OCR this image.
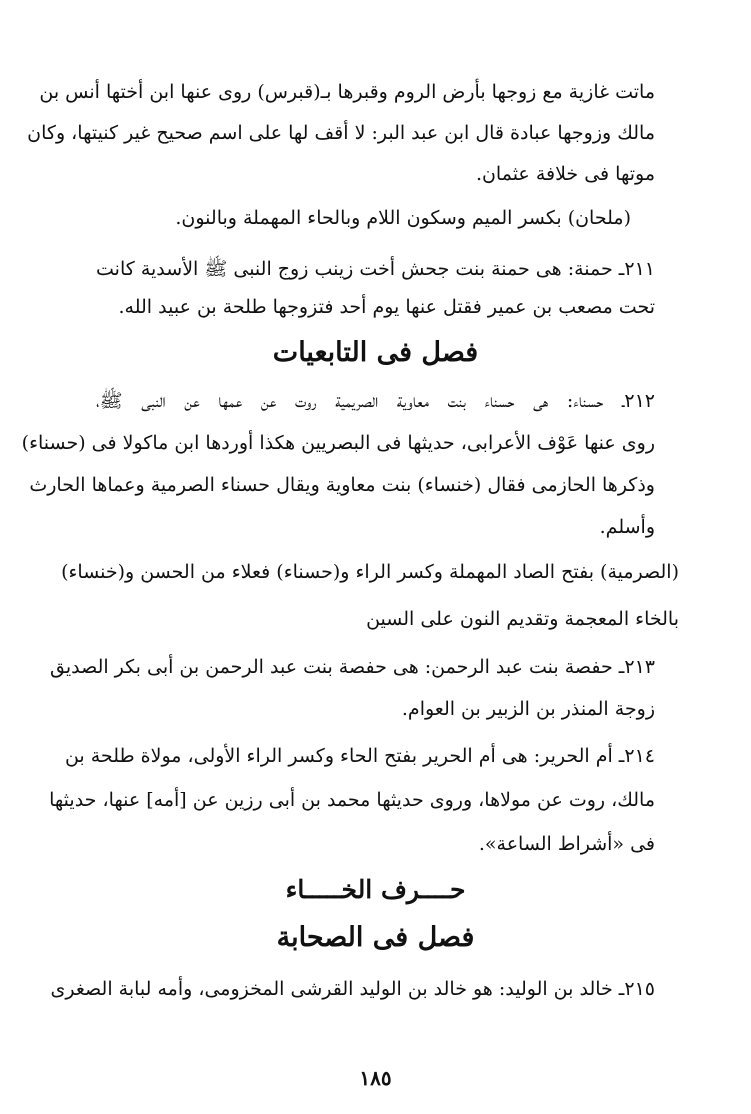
ماتت غازية مع زوجها بأرض الروم وقبرها بـ(قبرس) روى عنها ابن أختها أنس بن
مالك وزوجها عبادة قال ابن عبد البر: لا أقف لها على اسم صحيح غير كنيتها، وكان
موتها فى خلافة عثمان.
(ملحان) بكسر الميم وسكون اللام وبالحاء المهملة وبالنون.
٢١١ـ حمنة: هى حمنة بنت جحش أخت زينب زوج النبى ﷺ الأسدية كانت
تحت مصعب بن عمير فقتل عنها يوم أحد فتزوجها طلحة بن عبيد الله.
فصل فى التابعيات
٢١٢ـ حسناء: هى حسناء بنت معاوية الصريمية روت عن عمها عن النبى ﷺ،
روى عنها عَوْف الأعرابى، حديثها فى البصريين هكذا أوردها ابن ماكولا فى (حسناء)
وذكرها الحازمى فقال (خنساء) بنت معاوية ويقال حسناء الصرمية وعماها الحارث
وأسلم.
(الصرمية) بفتح الصاد المهملة وكسر الراء و(حسناء) فعلاء من الحسن و(خنساء)
بالخاء المعجمة وتقديم النون على السين
٢١٣ـ حفصة بنت عبد الرحمن: هى حفصة بنت عبد الرحمن بن أبى بكر الصديق
زوجة المنذر بن الزبير بن العوام.
٢١٤ـ أم الحرير: هى أم الحرير بفتح الحاء وكسر الراء الأولى، مولاة طلحة بن
مالك، روت عن مولاها، وروى حديثها محمد بن أبى رزين عن [أمه] عنها، حديثها
فى «أشراط الساعة».
حــــرف الخـــــاء
فصل فى الصحابة
٢١٥ـ خالد بن الوليد: هو خالد بن الوليد القرشى المخزومى، وأمه لبابة الصغرى
١٨٥
